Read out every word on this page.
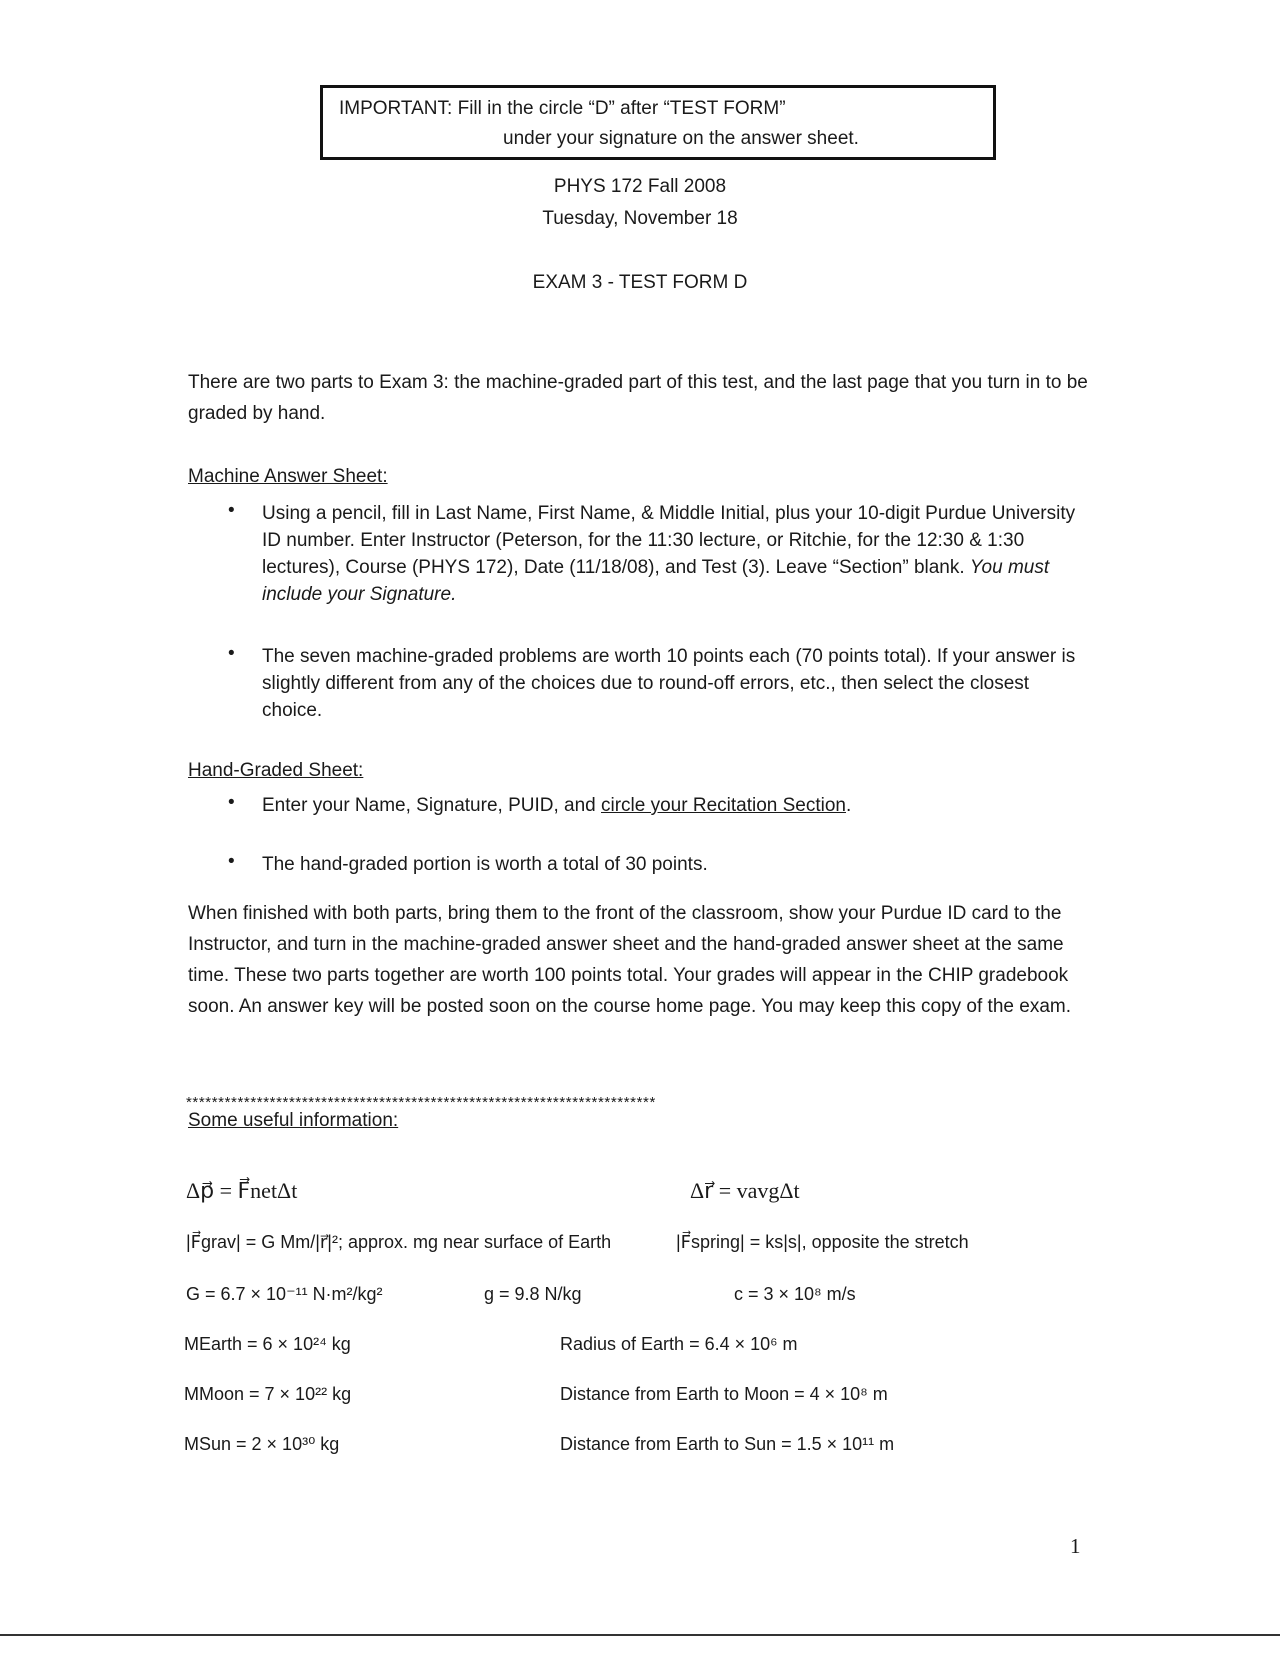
IMPORTANT: Fill in the circle “D” after “TEST FORM”
under your signature on the answer sheet.
PHYS 172 Fall 2008
Tuesday, November 18
EXAM 3 - TEST FORM D

There are two parts to Exam 3: the machine-graded part of this test, and the last page that you turn in to be graded by hand.

Machine Answer Sheet:
•	Using a pencil, fill in Last Name, First Name, & Middle Initial, plus your 10-digit Purdue University ID number. Enter Instructor (Peterson, for the 11:30 lecture, or Ritchie, for the 12:30 & 1:30 lectures), Course (PHYS 172), Date (11/18/08), and Test (3). Leave “Section” blank. You must include your Signature.

•	The seven machine-graded problems are worth 10 points each (70 points total). If your answer is slightly different from any of the choices due to round-off errors, etc., then select the closest choice.

Hand-Graded Sheet:
•	Enter your Name, Signature, PUID, and circle your Recitation Section.

•	The hand-graded portion is worth a total of 30 points.

When finished with both parts, bring them to the front of the classroom, show your Purdue ID card to the Instructor, and turn in the machine-graded answer sheet and the hand-graded answer sheet at the same time. These two parts together are worth 100 points total. Your grades will appear in the CHIP gradebook soon. An answer key will be posted soon on the course home page. You may keep this copy of the exam.

*************************************************************************
Some useful information:
Δp⃗ = F⃗netΔt	Δr⃗ = vavgΔt
|F⃗grav| = G Mm/|r⃗|²; approx. mg near surface of Earth	|F⃗spring| = ks|s|, opposite the stretch
G = 6.7 × 10⁻¹¹ N·m²/kg²	g = 9.8 N/kg	c = 3 × 10⁸ m/s
MEarth = 6 × 10²⁴ kg	Radius of Earth = 6.4 × 10⁶ m
MMoon = 7 × 10²² kg	Distance from Earth to Moon = 4 × 10⁸ m
MSun = 2 × 10³⁰ kg	Distance from Earth to Sun = 1.5 × 10¹¹ m
1
